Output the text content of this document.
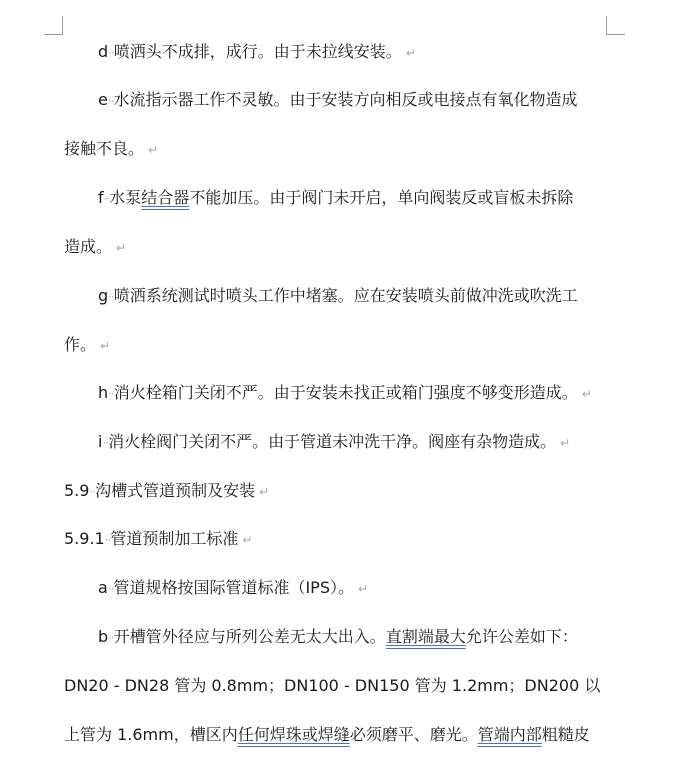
d··喷洒头不成排，成行。由于未拉线安装。 ↵
e··水流指示器工作不灵敏。由于安装方向相反或电接点有氧化物造成
接触不良。 ↵
f··水泵结合器不能加压。由于阀门未开启，单向阀装反或盲板未拆除
造成。 ↵
g··喷洒系统测试时喷头工作中堵塞。应在安装喷头前做冲洗或吹洗工
作。 ↵
h··消火栓箱门关闭不严。由于安装未找正或箱门强度不够变形造成。 ↵
i··消火栓阀门关闭不严。由于管道未冲洗干净。阀座有杂物造成。 ↵
5.9··沟槽式管道预制及安装 ↵
5.9.1··管道预制加工标准 ↵
a··管道规格按国际管道标准（IPS）。 ↵
b··开槽管外径应与所列公差无太大出入。直割端最大允许公差如下：
DN20 - DN28 管为 0.8mm；DN100 - DN150 管为 1.2mm；DN200 以
上管为 1.6mm，槽区内任何焊珠或焊缝必须磨平、磨光。管端内部粗糙皮
